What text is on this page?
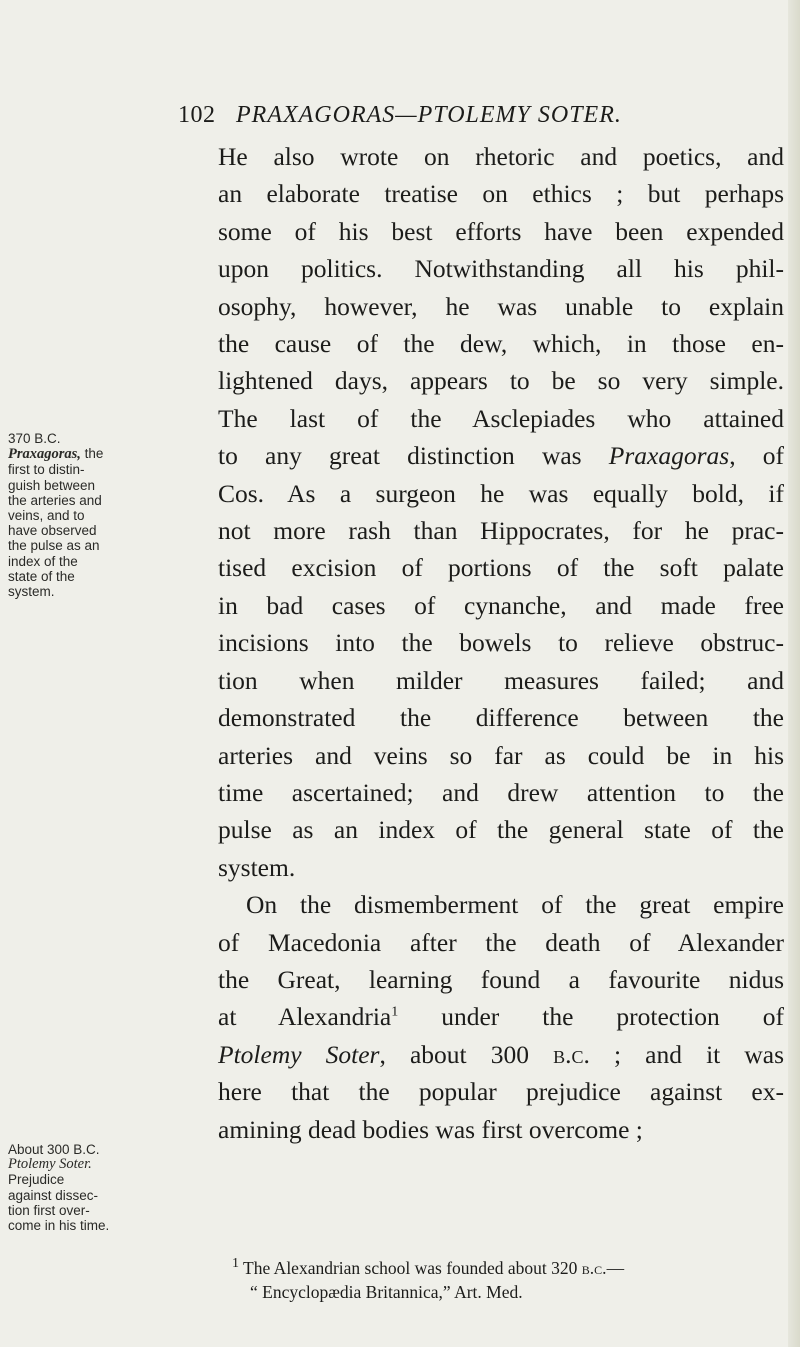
102 PRAXAGORAS—PTOLEMY SOTER.
He also wrote on rhetoric and poetics, and
an elaborate treatise on ethics ; but perhaps
some of his best efforts have been expended
upon politics. Notwithstanding all his phil-
osophy, however, he was unable to explain
the cause of the dew, which, in those en-
lightened days, appears to be so very simple.
The last of the Asclepiades who attained
to any great distinction was Praxagoras, of
Cos. As a surgeon he was equally bold, if
not more rash than Hippocrates, for he prac-
tised excision of portions of the soft palate
in bad cases of cynanche, and made free
incisions into the bowels to relieve obstruc-
tion when milder measures failed; and
demonstrated the difference between the
arteries and veins so far as could be in his
time ascertained; and drew attention to the
pulse as an index of the general state of the
system.
On the dismemberment of the great empire
of Macedonia after the death of Alexander
the Great, learning found a favourite nidus
at Alexandria$^1$ under the protection of
Ptolemy Soter, about 300 b.c. ; and it was
here that the popular prejudice against ex-
amining dead bodies was first overcome ;
370 B.C.
Praxagoras, the
first to distin-
guish between
the arteries and
veins, and to
have observed
the pulse as an
index of the
state of the
system.
About 300 B.C.
Ptolemy Soter.
Prejudice
against dissec-
tion first over-
come in his time.
$^1$ The Alexandrian school was founded about 320 b.c.—
“ Encyclopædia Britannica,” Art. Med.
